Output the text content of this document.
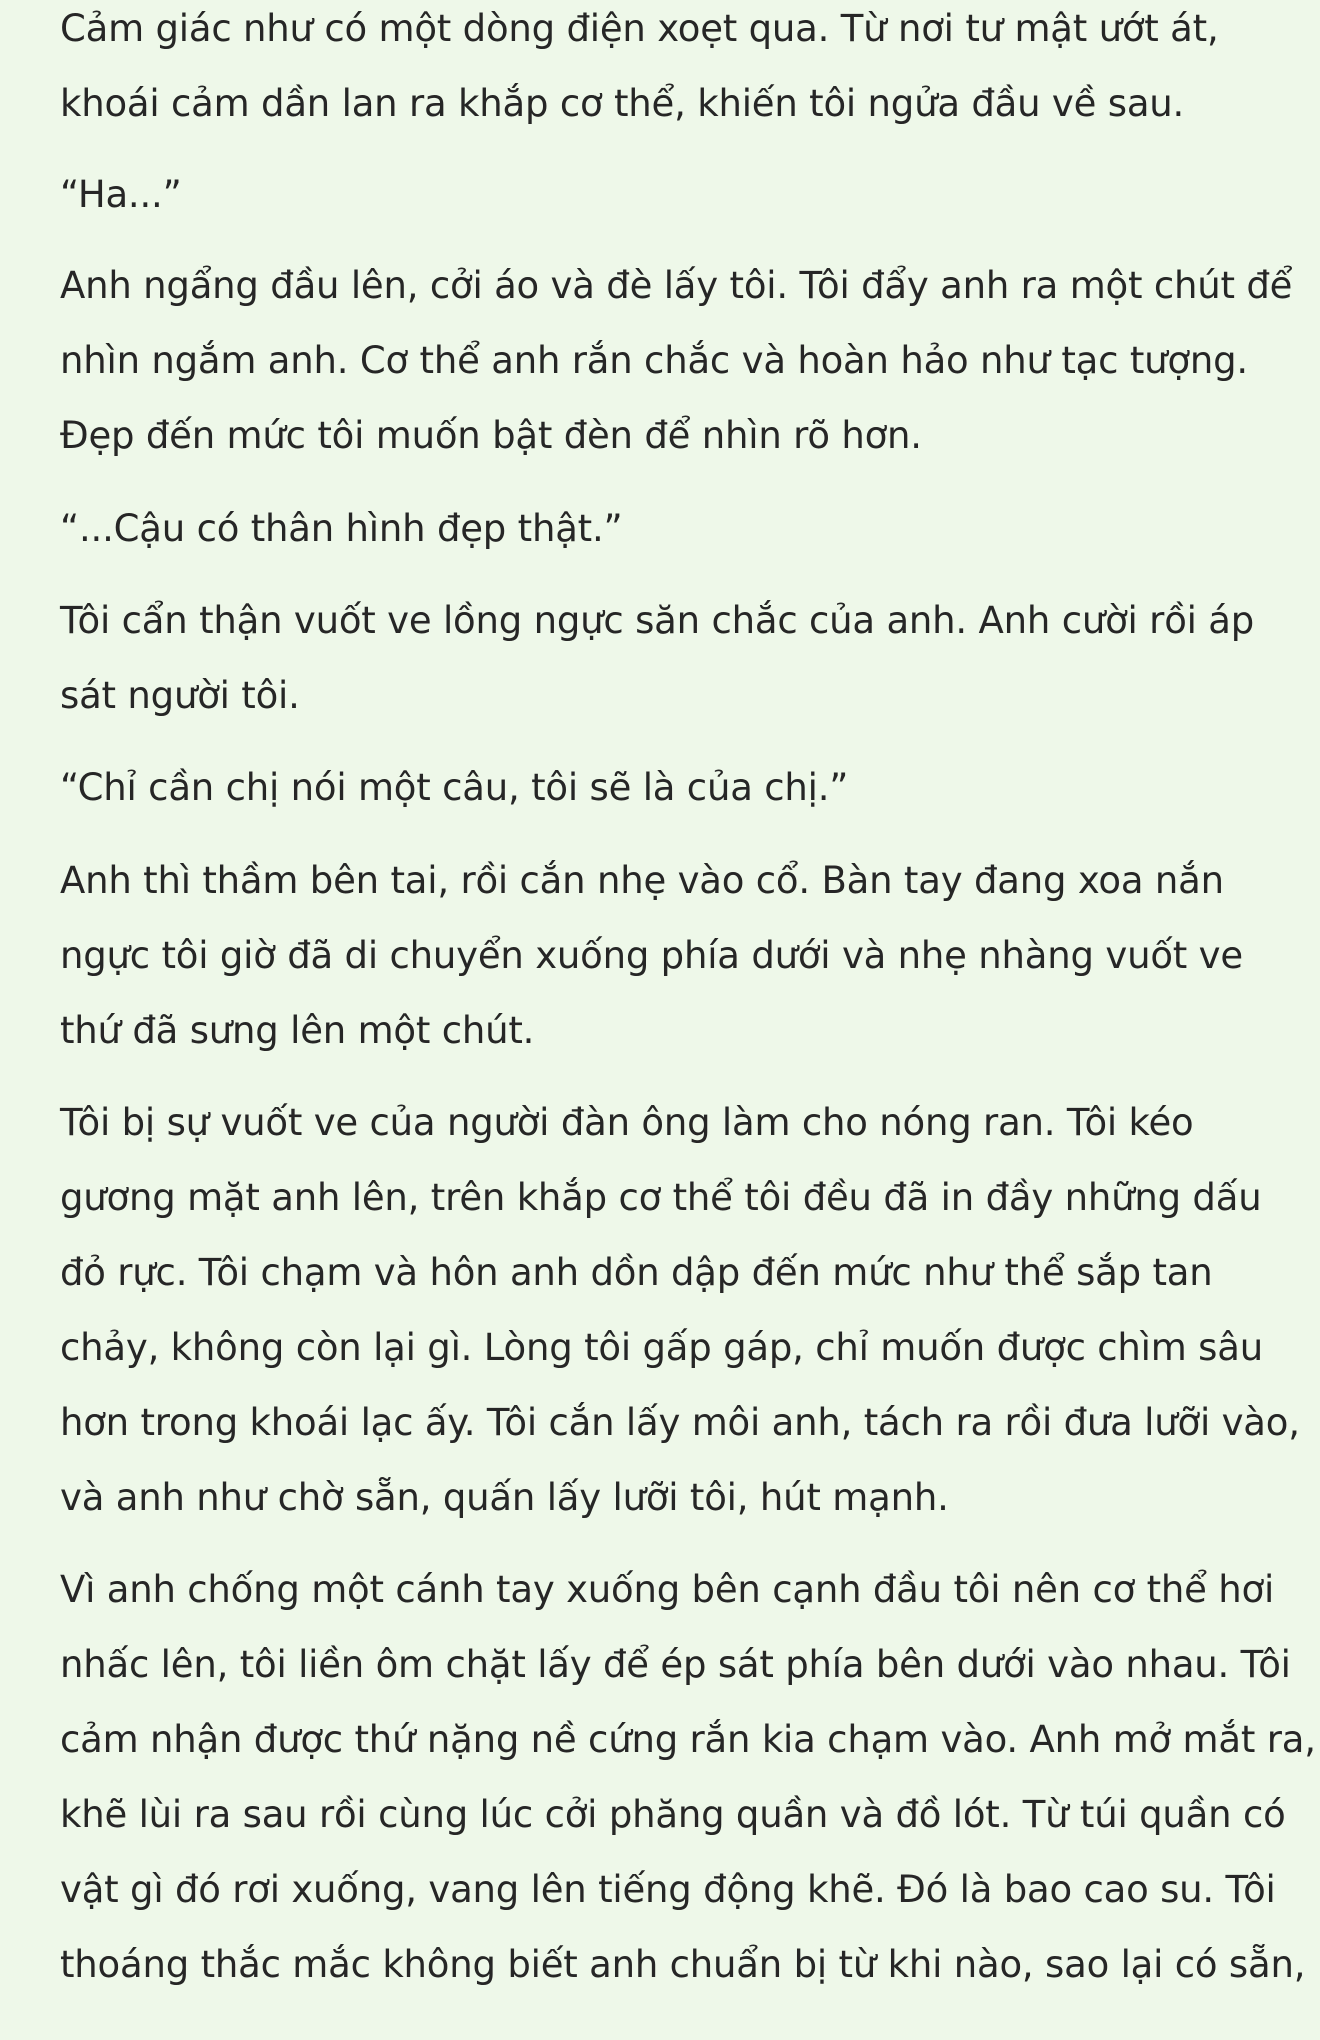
Cảm giác như có một dòng điện xoẹt qua. Từ nơi tư mật ướt át,
khoái cảm dần lan ra khắp cơ thể, khiến tôi ngửa đầu về sau.

“Ha...”

Anh ngẩng đầu lên, cởi áo và đè lấy tôi. Tôi đẩy anh ra một chút để
nhìn ngắm anh. Cơ thể anh rắn chắc và hoàn hảo như tạc tượng.
Đẹp đến mức tôi muốn bật đèn để nhìn rõ hơn.

“...Cậu có thân hình đẹp thật.”

Tôi cẩn thận vuốt ve lồng ngực săn chắc của anh. Anh cười rồi áp
sát người tôi.

“Chỉ cần chị nói một câu, tôi sẽ là của chị.”

Anh thì thầm bên tai, rồi cắn nhẹ vào cổ. Bàn tay đang xoa nắn
ngực tôi giờ đã di chuyển xuống phía dưới và nhẹ nhàng vuốt ve
thứ đã sưng lên một chút.

Tôi bị sự vuốt ve của người đàn ông làm cho nóng ran. Tôi kéo
gương mặt anh lên, trên khắp cơ thể tôi đều đã in đầy những dấu
đỏ rực. Tôi chạm và hôn anh dồn dập đến mức như thể sắp tan
chảy, không còn lại gì. Lòng tôi gấp gáp, chỉ muốn được chìm sâu
hơn trong khoái lạc ấy. Tôi cắn lấy môi anh, tách ra rồi đưa lưỡi vào,
và anh như chờ sẵn, quấn lấy lưỡi tôi, hút mạnh.

Vì anh chống một cánh tay xuống bên cạnh đầu tôi nên cơ thể hơi
nhấc lên, tôi liền ôm chặt lấy để ép sát phía bên dưới vào nhau. Tôi
cảm nhận được thứ nặng nề cứng rắn kia chạm vào. Anh mở mắt ra,
khẽ lùi ra sau rồi cùng lúc cởi phăng quần và đồ lót. Từ túi quần có
vật gì đó rơi xuống, vang lên tiếng động khẽ. Đó là bao cao su. Tôi
thoáng thắc mắc không biết anh chuẩn bị từ khi nào, sao lại có sẵn,
